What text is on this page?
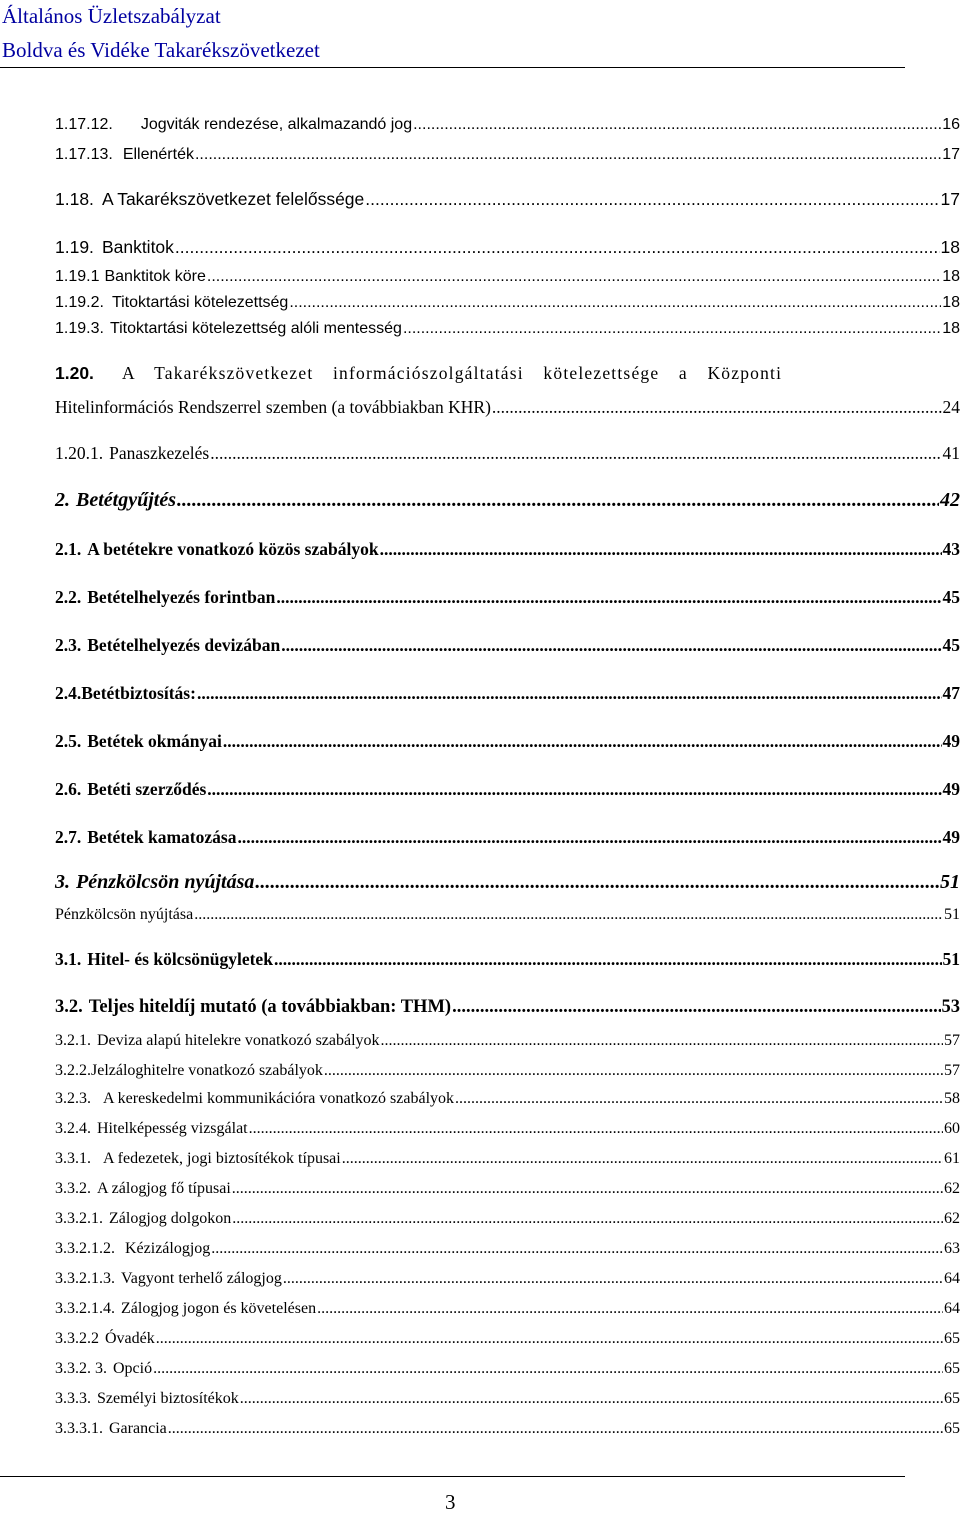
Általános Üzletszabályzat
Boldva és Vidéke Takarékszövetkezet
1.17.12. Jogviták rendezése, alkalmazandó jog .....	16
1.17.13. Ellenérték .....	17
1.18. A Takarékszövetkezet felelőssége .....	17
1.19. Banktitok .....	18
1.19.1 Banktitok köre .....	18
1.19.2. Titoktartási kötelezettség .....	18
1.19.3. Titoktartási kötelezettség alóli mentesség .....	18
1.20. A Takarékszövetkezet információszolgáltatási kötelezettsége a Központi
Hitelinformációs Rendszerrel szemben (a továbbiakban KHR) .....	24
1.20.1. Panaszkezelés .....	41
2. Betétgyűjtés .....	42
2.1. A betétekre vonatkozó közös szabályok .....	43
2.2. Betételhelyezés forintban .....	45
2.3. Betételhelyezés devizában .....	45
2.4. Betétbiztosítás: .....	47
2.5. Betétek okmányai .....	49
2.6. Betéti szerződés .....	49
2.7. Betétek kamatozása .....	49
3. Pénzkölcsön nyújtása .....	51
Pénzkölcsön nyújtása .....	51
3.1. Hitel- és kölcsönügyletek .....	51
3.2. Teljes hiteldíj mutató (a továbbiakban: THM) .....	53
3.2.1. Deviza alapú hitelekre vonatkozó szabályok .....	57
3.2.2. Jelzáloghitelre vonatkozó szabályok .....	57
3.2.3. A kereskedelmi kommunikációra vonatkozó szabályok .....	58
3.2.4. Hitelképesség vizsgálat .....	60
3.3.1. A fedezetek, jogi biztosítékok típusai .....	61
3.3.2. A zálogjog fő típusai .....	62
3.3.2.1. Zálogjog dolgokon .....	62
3.3.2.1.2. Kézizálogjog .....	63
3.3.2.1.3. Vagyont terhelő zálogjog .....	64
3.3.2.1.4. Zálogjog jogon és követelésen .....	64
3.3.2.2 Óvadék .....	65
3.3.2. 3. Opció .....	65
3.3.3. Személyi biztosítékok .....	65
3.3.3.1. Garancia .....	65
3
